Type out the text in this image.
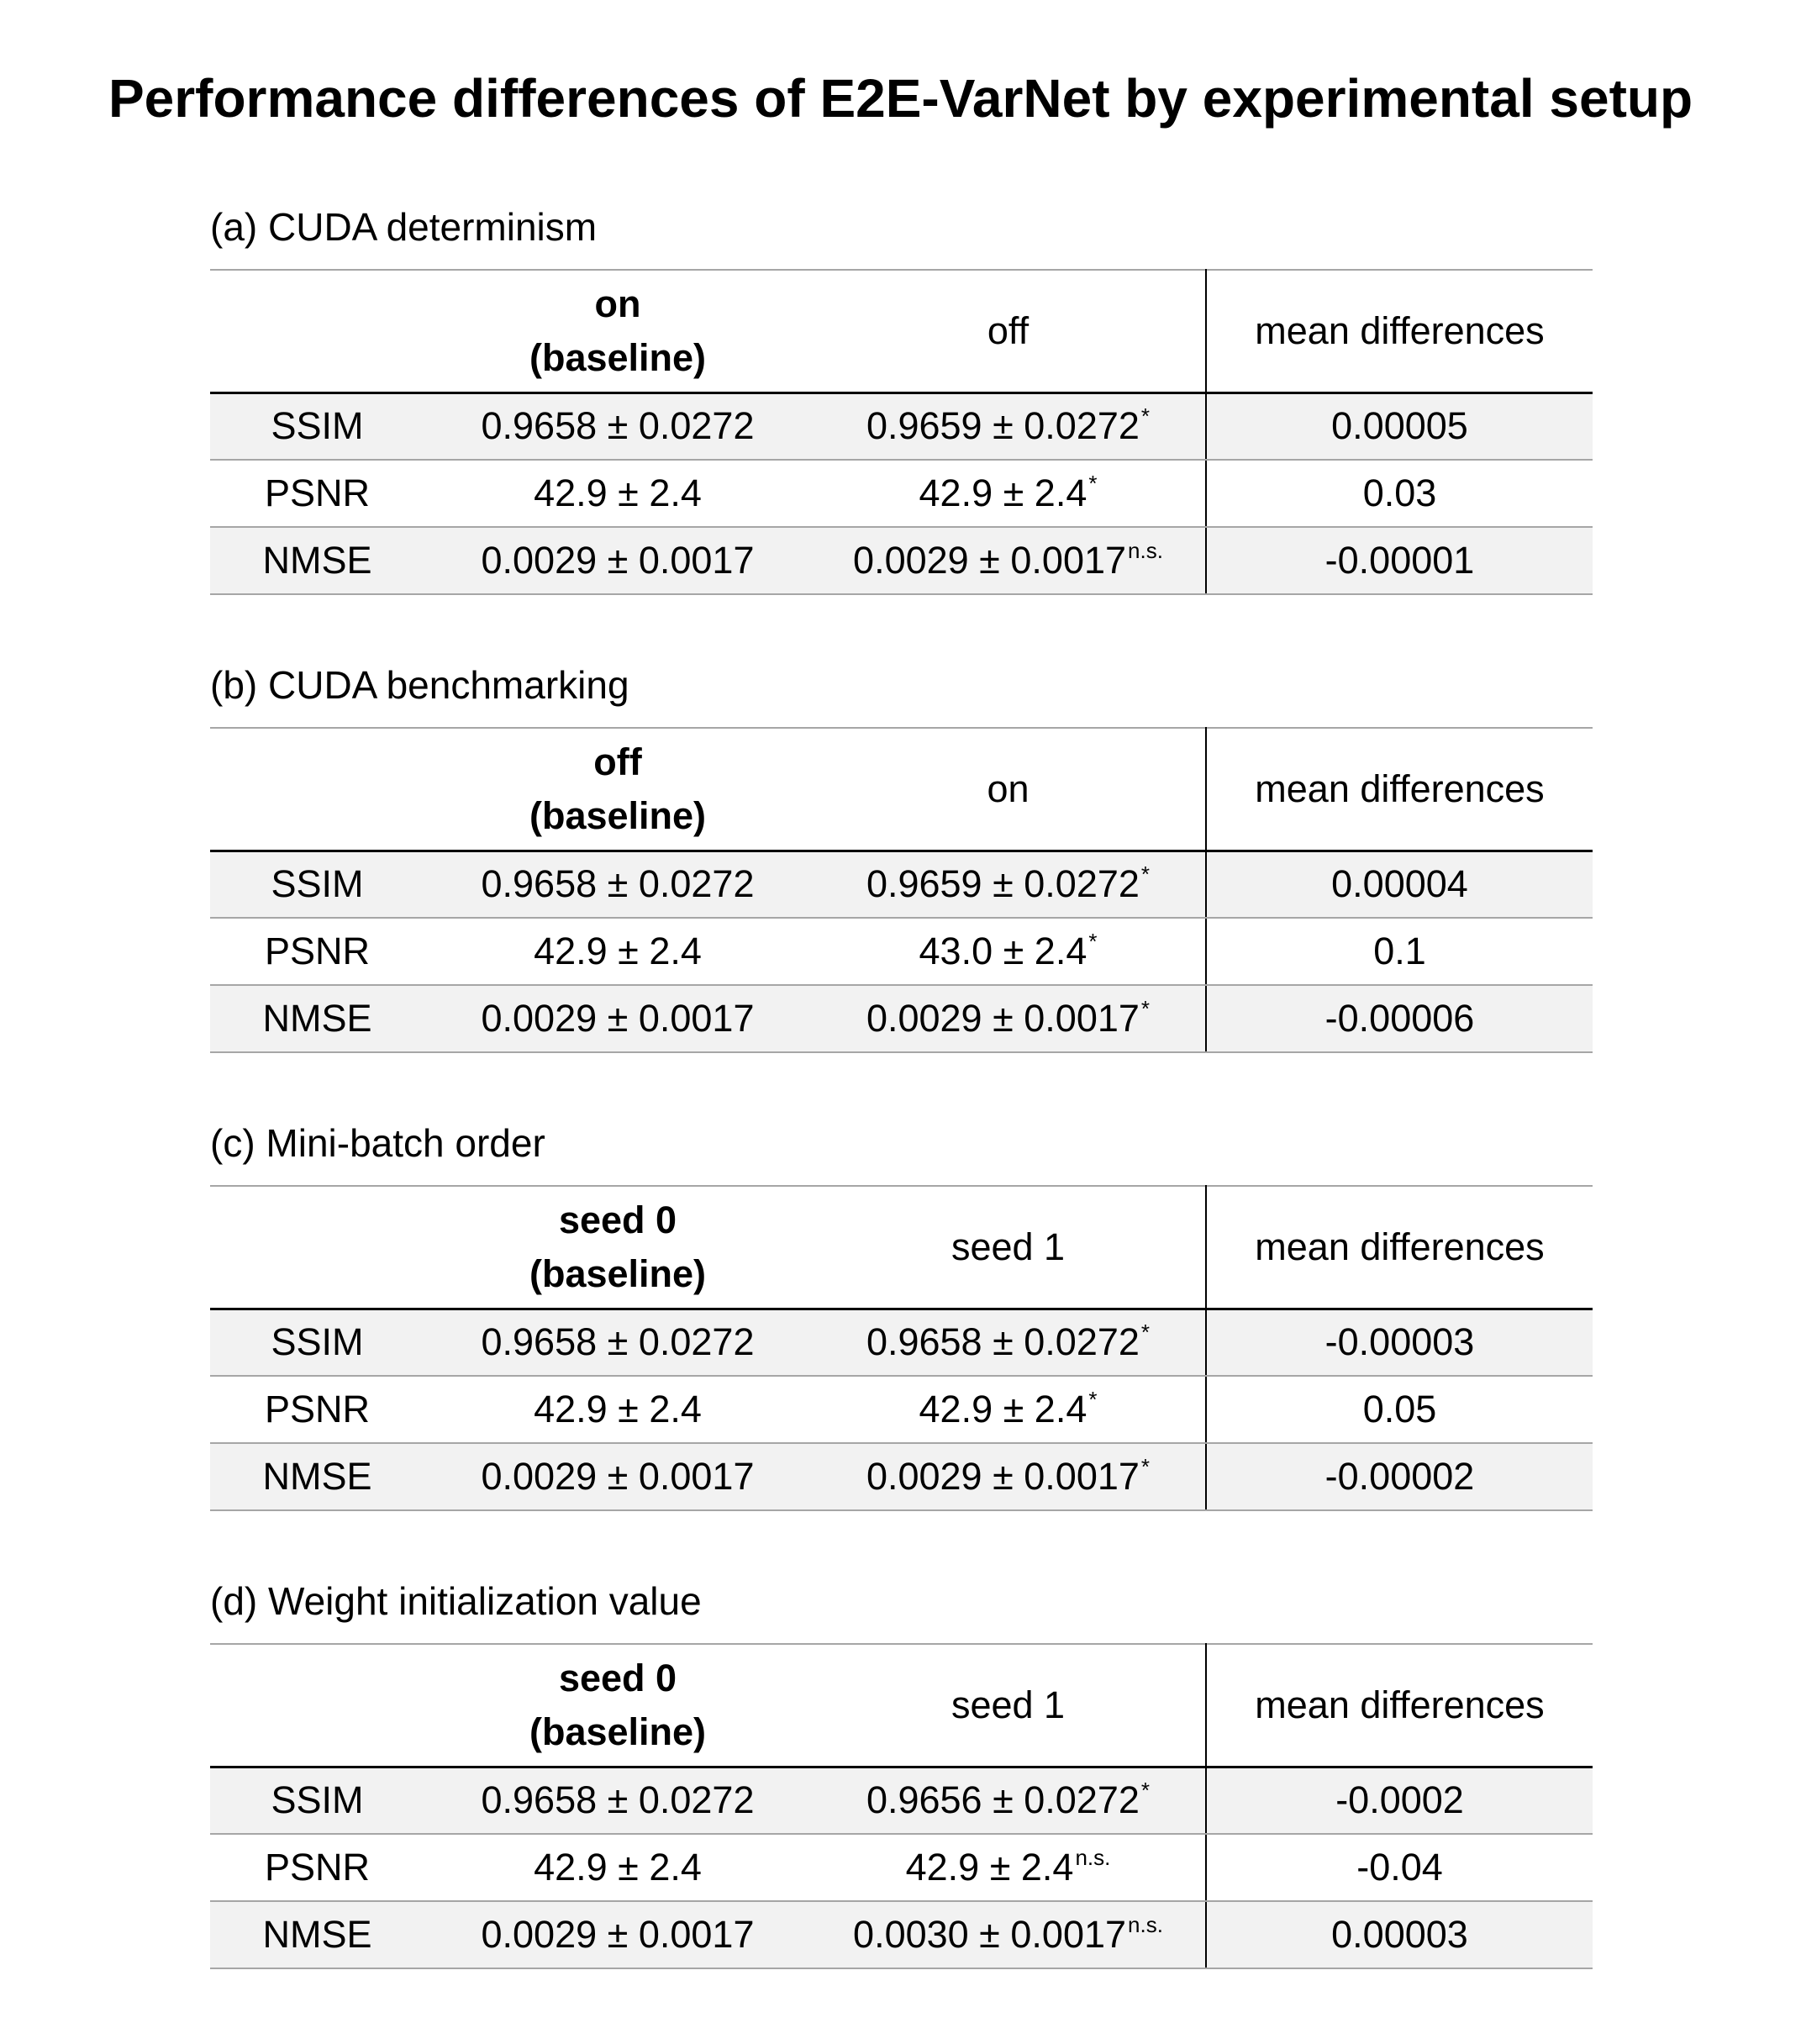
Performance differences of E2E-VarNet by experimental setup
(a) CUDA determinism

	on
(baseline)	off	mean differences
SSIM	0.9658 ± 0.0272	0.9659 ± 0.0272*	0.00005
PSNR	42.9 ± 2.4	42.9 ± 2.4*	0.03
NMSE	0.0029 ± 0.0017	$0.0029 \pm 0.0017^{n.s.}$	-0.00001
(b) CUDA benchmarking

	off
(baseline)	on	mean differences
SSIM	0.9658 ± 0.0272	0.9659 ± 0.0272*	0.00004
PSNR	42.9 ± 2.4	43.0 ± 2.4*	0.1
NMSE	0.0029 ± 0.0017	0.0029 ± 0.0017*	-0.00006
(c) Mini-batch order

	seed 0
(baseline)	seed 1	mean differences
SSIM	0.9658 ± 0.0272	0.9658 ± 0.0272*	-0.00003
PSNR	42.9 ± 2.4	42.9 ± 2.4*	0.05
NMSE	0.0029 ± 0.0017	0.0029 ± 0.0017*	-0.00002
(d) Weight initialization value

	seed 0
(baseline)	seed 1	mean differences
SSIM	0.9658 ± 0.0272	0.9656 ± 0.0272*	-0.0002
PSNR	42.9 ± 2.4	$42.9 \pm 2.4^{n.s.}$	-0.04
NMSE	0.0029 ± 0.0017	$0.0030 \pm 0.0017^{n.s.}$	0.00003
